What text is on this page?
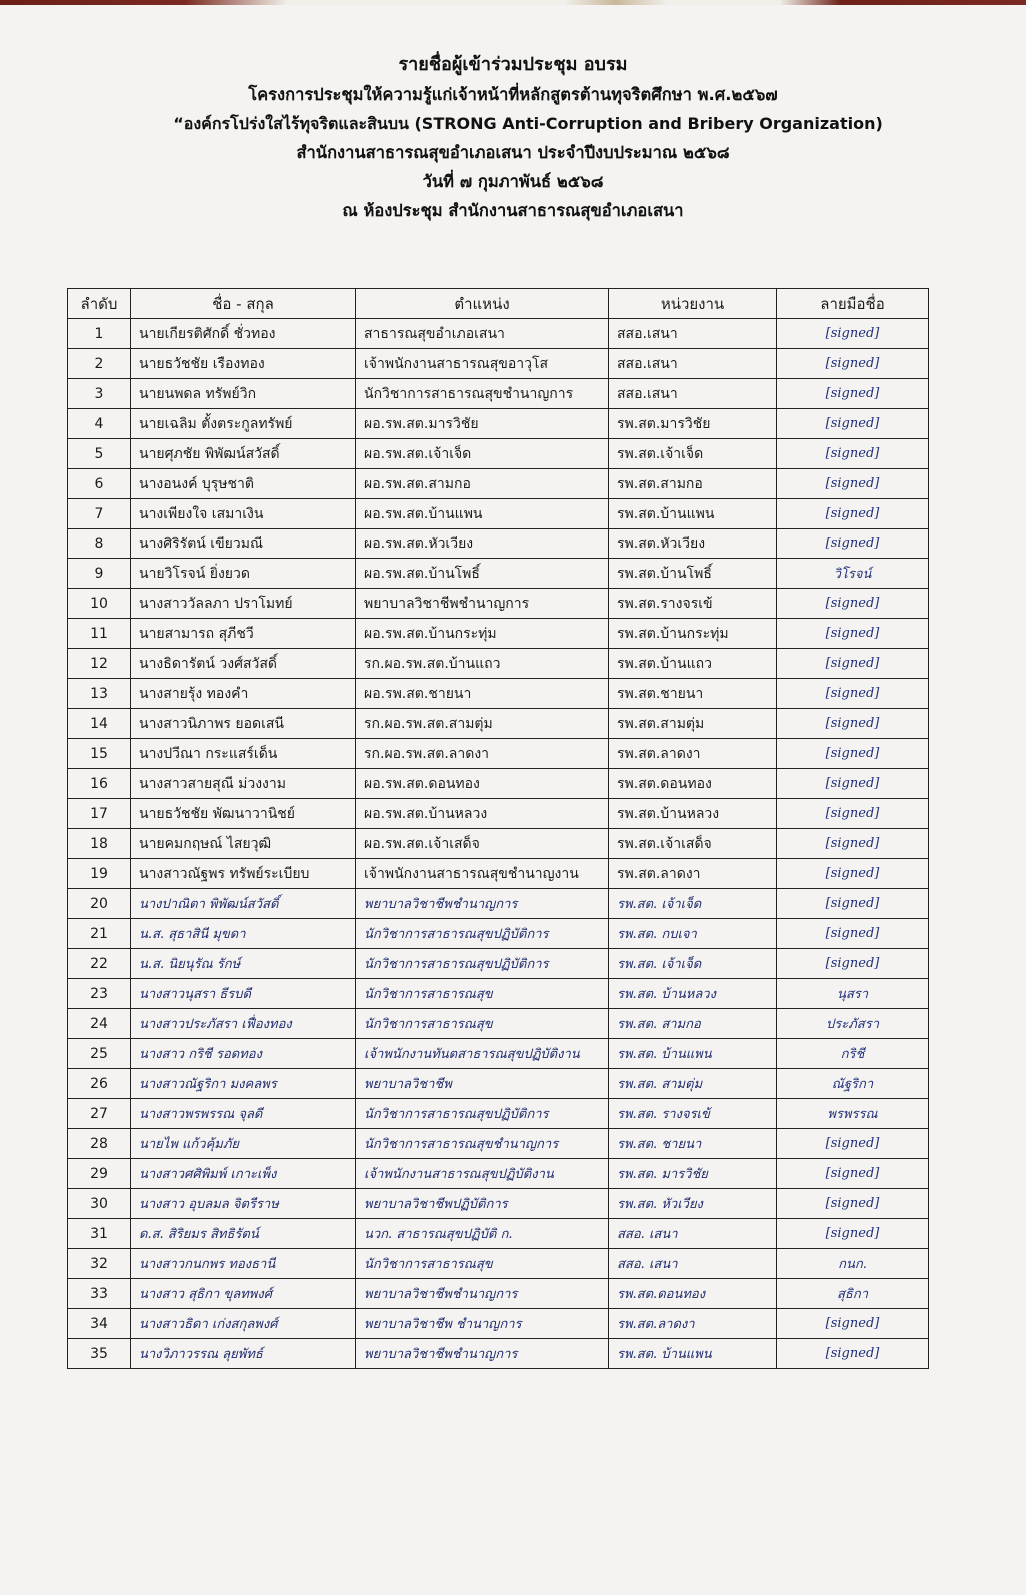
รายชื่อผู้เข้าร่วมประชุม อบรม
โครงการประชุมให้ความรู้แก่เจ้าหน้าที่หลักสูตรต้านทุจริตศึกษา พ.ศ.๒๕๖๗
“องค์กรโปร่งใสไร้ทุจริตและสินบน (STRONG Anti-Corruption and Bribery Organization)
สำนักงานสาธารณสุขอำเภอเสนา ประจำปีงบประมาณ ๒๕๖๘
วันที่ ๗ กุมภาพันธ์ ๒๕๖๘
ณ ห้องประชุม สำนักงานสาธารณสุขอำเภอเสนา
ลำดับ	ชื่อ - สกุล	ตำแหน่ง	หน่วยงาน	ลายมือชื่อ
1	นายเกียรติศักดิ์ ชั่วทอง	สาธารณสุขอำเภอเสนา	สสอ.เสนา	[signed]
2	นายธวัชชัย เรืองทอง	เจ้าพนักงานสาธารณสุขอาวุโส	สสอ.เสนา	[signed]
3	นายนพดล ทรัพย์วิก	นักวิชาการสาธารณสุขชำนาญการ	สสอ.เสนา	[signed]
4	นายเฉลิม ตั้งตระกูลทรัพย์	ผอ.รพ.สต.มารวิชัย	รพ.สต.มารวิชัย	[signed]
5	นายศุภชัย พิพัฒน์สวัสดิ์	ผอ.รพ.สต.เจ้าเจ็ด	รพ.สต.เจ้าเจ็ด	[signed]
6	นางอนงค์ บุรุษชาติ	ผอ.รพ.สต.สามกอ	รพ.สต.สามกอ	[signed]
7	นางเพียงใจ เสมาเงิน	ผอ.รพ.สต.บ้านแพน	รพ.สต.บ้านแพน	[signed]
8	นางศิริรัตน์ เขียวมณี	ผอ.รพ.สต.หัวเวียง	รพ.สต.หัวเวียง	[signed]
9	นายวิโรจน์ ยิ่งยวด	ผอ.รพ.สต.บ้านโพธิ์	รพ.สต.บ้านโพธิ์	วิโรจน์
10	นางสาววัลลภา ปราโมทย์	พยาบาลวิชาชีพชำนาญการ	รพ.สต.รางจรเข้	[signed]
11	นายสามารถ สุภีชวี	ผอ.รพ.สต.บ้านกระทุ่ม	รพ.สต.บ้านกระทุ่ม	[signed]
12	นางธิดารัตน์ วงศ์สวัสดิ์	รก.ผอ.รพ.สต.บ้านแถว	รพ.สต.บ้านแถว	[signed]
13	นางสายรุ้ง ทองคำ	ผอ.รพ.สต.ชายนา	รพ.สต.ชายนา	[signed]
14	นางสาวนิภาพร ยอดเสนี	รก.ผอ.รพ.สต.สามตุ่ม	รพ.สต.สามตุ่ม	[signed]
15	นางปวีณา กระแสร์เด็น	รก.ผอ.รพ.สต.ลาดงา	รพ.สต.ลาดงา	[signed]
16	นางสาวสายสุณี ม่วงงาม	ผอ.รพ.สต.ดอนทอง	รพ.สต.ดอนทอง	[signed]
17	นายธวัชชัย พัฒนาวานิชย์	ผอ.รพ.สต.บ้านหลวง	รพ.สต.บ้านหลวง	[signed]
18	นายคมกฤษณ์ ไสยวุฒิ	ผอ.รพ.สต.เจ้าเสด็จ	รพ.สต.เจ้าเสด็จ	[signed]
19	นางสาวณัฐพร ทรัพย์ระเบียบ	เจ้าพนักงานสาธารณสุขชำนาญงาน	รพ.สต.ลาดงา	[signed]
20	นางปาณิตา พิพัฒน์สวัสดิ์	พยาบาลวิชาชีพชำนาญการ	รพ.สต. เจ้าเจ็ด	[signed]
21	น.ส. สุธาสินี มุขดา	นักวิชาการสาธารณสุขปฏิบัติการ	รพ.สต. กบเจา	[signed]
22	น.ส. นิยนุรัณ รักษ์	นักวิชาการสาธารณสุขปฏิบัติการ	รพ.สต. เจ้าเจ็ด	[signed]
23	นางสาวนุสรา ธีรบดี	นักวิชาการสาธารณสุข	รพ.สต. บ้านหลวง	นุสรา
24	นางสาวประภัสรา เฟื่องทอง	นักวิชาการสาธารณสุข	รพ.สต. สามกอ	ประภัสรา
25	นางสาว กริชี รอดทอง	เจ้าพนักงานทันตสาธารณสุขปฏิบัติงาน	รพ.สต. บ้านแพน	กริชี
26	นางสาวณัฐริกา มงคลพร	พยาบาลวิชาชีพ	รพ.สต. สามตุ่ม	ณัฐริกา
27	นางสาวพรพรรณ จุลดี	นักวิชาการสาธารณสุขปฏิบัติการ	รพ.สต. รางจรเข้	พรพรรณ
28	นายไพ แก้วคุ้มภัย	นักวิชาการสาธารณสุขชำนาญการ	รพ.สต. ชายนา	[signed]
29	นางสาวศศิพิมพ์ เกาะเพ็ง	เจ้าพนักงานสาธารณสุขปฏิบัติงาน	รพ.สต. มารวิชัย	[signed]
30	นางสาว อุบลมล จิตรีราษ	พยาบาลวิชาชีพปฏิบัติการ	รพ.สต. หัวเวียง	[signed]
31	ด.ส. สิริยมร สิทธิรัตน์	นวก. สาธารณสุขปฏิบัติ ก.	สสอ. เสนา	[signed]
32	นางสาวกนกพร ทองธานี	นักวิชาการสาธารณสุข	สสอ. เสนา	กนก.
33	นางสาว สุธิกา ขุลทพงศ์	พยาบาลวิชาชีพชำนาญการ	รพ.สต.ดอนทอง	สุธิกา
34	นางสาวธิดา เก่งสกุลพงศ์	พยาบาลวิชาชีพ ชำนาญการ	รพ.สต.ลาดงา	[signed]
35	นางวิภาวรรณ ลุยพัทธ์	พยาบาลวิชาชีพชำนาญการ	รพ.สต. บ้านแพน	[signed]
